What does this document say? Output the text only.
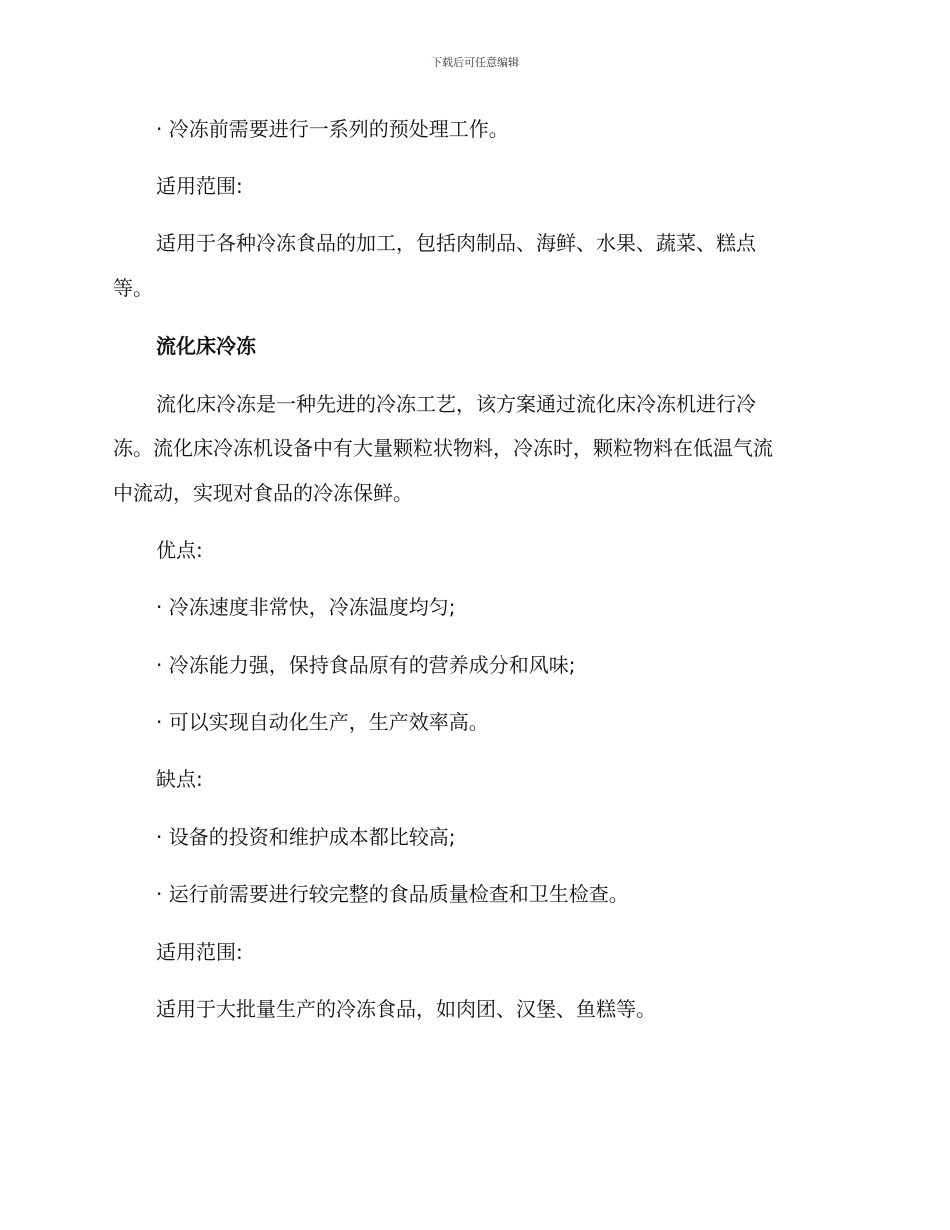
下载后可任意编辑
· 冷冻前需要进行一系列的预处理工作。
适用范围:
适用于各种冷冻食品的加工，包括肉制品、海鲜、水果、蔬菜、糕点
等。
流化床冷冻
流化床冷冻是一种先进的冷冻工艺，该方案通过流化床冷冻机进行冷
冻。流化床冷冻机设备中有大量颗粒状物料，冷冻时，颗粒物料在低温气流
中流动，实现对食品的冷冻保鲜。
优点:
· 冷冻速度非常快，冷冻温度均匀;
· 冷冻能力强，保持食品原有的营养成分和风味;
· 可以实现自动化生产，生产效率高。
缺点:
· 设备的投资和维护成本都比较高;
· 运行前需要进行较完整的食品质量检查和卫生检查。
适用范围:
适用于大批量生产的冷冻食品，如肉团、汉堡、鱼糕等。
